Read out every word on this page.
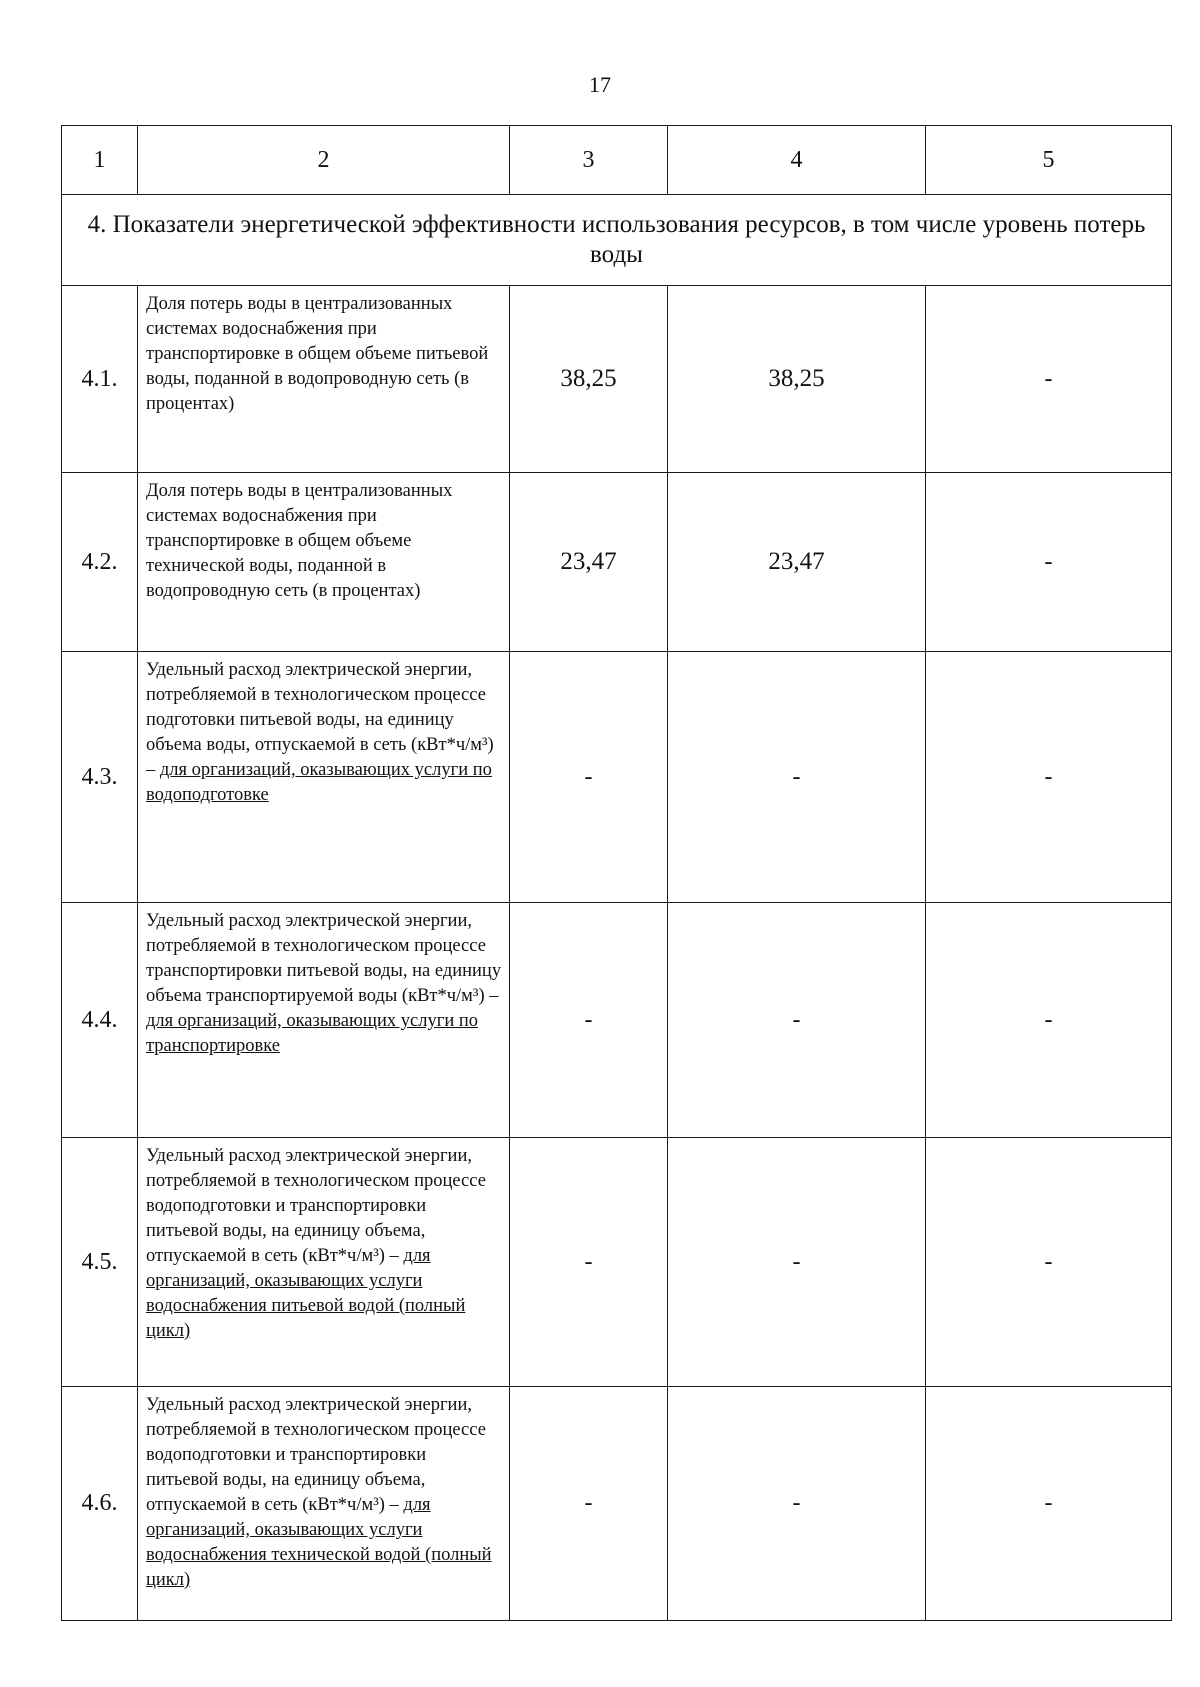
17
1	2	3	4	5
4. Показатели энергетической эффективности использования ресурсов, в том числе уровень потерь воды				
4.1.	Доля потерь воды в централизованных системах водоснабжения при транспортировке в общем объеме питьевой воды, поданной в водопроводную сеть (в процентах)	38,25	38,25	-
4.2.	Доля потерь воды в централизованных системах водоснабжения при транспортировке в общем объеме технической воды, поданной в водопроводную сеть (в процентах)	23,47	23,47	-
4.3.	Удельный расход электрической энергии, потребляемой в технологическом процессе подготовки питьевой воды, на единицу объема воды, отпускаемой в сеть (кВт*ч/м³) – для организаций, оказывающих услуги по водоподготовке	-	-	-
4.4.	Удельный расход электрической энергии, потребляемой в технологическом процессе транспортировки питьевой воды, на единицу объема транспортируемой воды (кВт*ч/м³) – для организаций, оказывающих услуги по транспортировке	-	-	-
4.5.	Удельный расход электрической энергии, потребляемой в технологическом процессе водоподготовки и транспортировки питьевой воды, на единицу объема, отпускаемой в сеть (кВт*ч/м³) – для организаций, оказывающих услуги водоснабжения питьевой водой (полный цикл)	-	-	-
4.6.	Удельный расход электрической энергии, потребляемой в технологическом процессе водоподготовки и транспортировки питьевой воды, на единицу объема, отпускаемой в сеть (кВт*ч/м³) – для организаций, оказывающих услуги водоснабжения технической водой (полный цикл)	-	-	-
